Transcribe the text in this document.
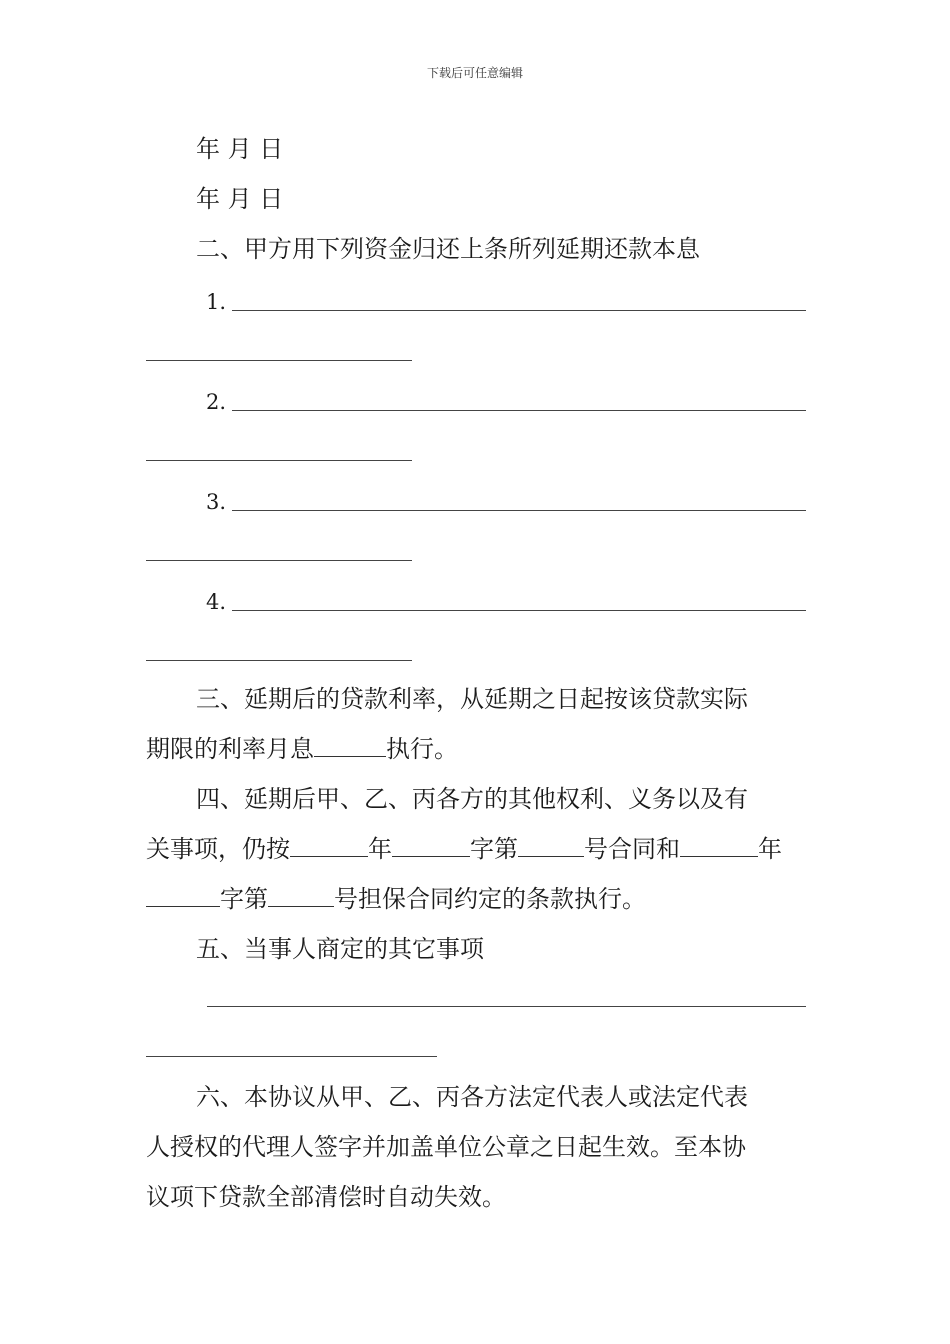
下载后可任意编辑
年 月 日
年 月 日
二、甲方用下列资金归还上条所列延期还款本息
1.
2.
3.
4.
三、延期后的贷款利率，从延期之日起按该贷款实际
期限的利率月息	执行。
四、延期后甲、乙、丙各方的其他权利、义务以及有
关事项，仍按	年	字第	号合同和	年
字第	号担保合同约定的条款执行。
五、当事人商定的其它事项
六、本协议从甲、乙、丙各方法定代表人或法定代表
人授权的代理人签字并加盖单位公章之日起生效。至本协
议项下贷款全部清偿时自动失效。
